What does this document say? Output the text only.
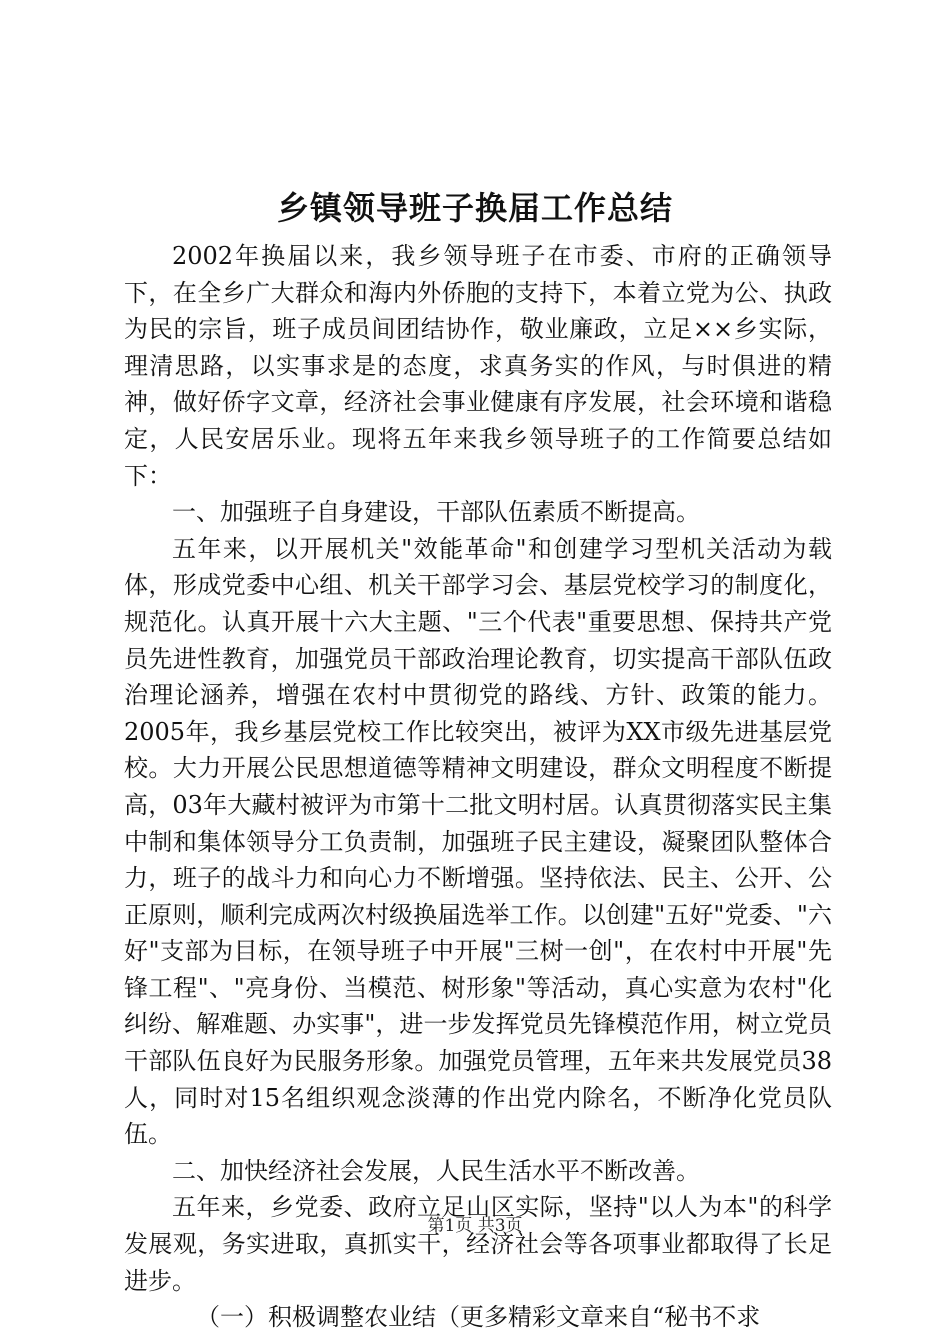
乡镇领导班子换届工作总结

2002年换届以来，我乡领导班子在市委、市府的正确领导下，在全乡广大群众和海内外侨胞的支持下，本着立党为公、执政为民的宗旨，班子成员间团结协作，敬业廉政，立足××乡实际，理清思路，以实事求是的态度，求真务实的作风，与时俱进的精神，做好侨字文章，经济社会事业健康有序发展，社会环境和谐稳定，人民安居乐业。现将五年来我乡领导班子的工作简要总结如下：

一、加强班子自身建设，干部队伍素质不断提高。

五年来，以开展机关"效能革命"和创建学习型机关活动为载体，形成党委中心组、机关干部学习会、基层党校学习的制度化，规范化。认真开展十六大主题、"三个代表"重要思想、保持共产党员先进性教育，加强党员干部政治理论教育，切实提高干部队伍政治理论涵养，增强在农村中贯彻党的路线、方针、政策的能力。2005年，我乡基层党校工作比较突出，被评为XX市级先进基层党校。大力开展公民思想道德等精神文明建设，群众文明程度不断提高，03年大藏村被评为市第十二批文明村居。认真贯彻落实民主集中制和集体领导分工负责制，加强班子民主建设，凝聚团队整体合力，班子的战斗力和向心力不断增强。坚持依法、民主、公开、公正原则，顺利完成两次村级换届选举工作。以创建"五好"党委、"六好"支部为目标，在领导班子中开展"三树一创"，在农村中开展"先锋工程"、"亮身份、当模范、树形象"等活动，真心实意为农村"化纠纷、解难题、办实事"，进一步发挥党员先锋模范作用，树立党员干部队伍良好为民服务形象。加强党员管理，五年来共发展党员38人，同时对15名组织观念淡薄的作出党内除名，不断净化党员队伍。

二、加快经济社会发展，人民生活水平不断改善。

五年来，乡党委、政府立足山区实际，坚持"以人为本"的科学发展观，务实进取，真抓实干，经济社会等各项事业都取得了长足进步。

（一）积极调整农业结（更多精彩文章来自“秘书不求

第1页 共3页
